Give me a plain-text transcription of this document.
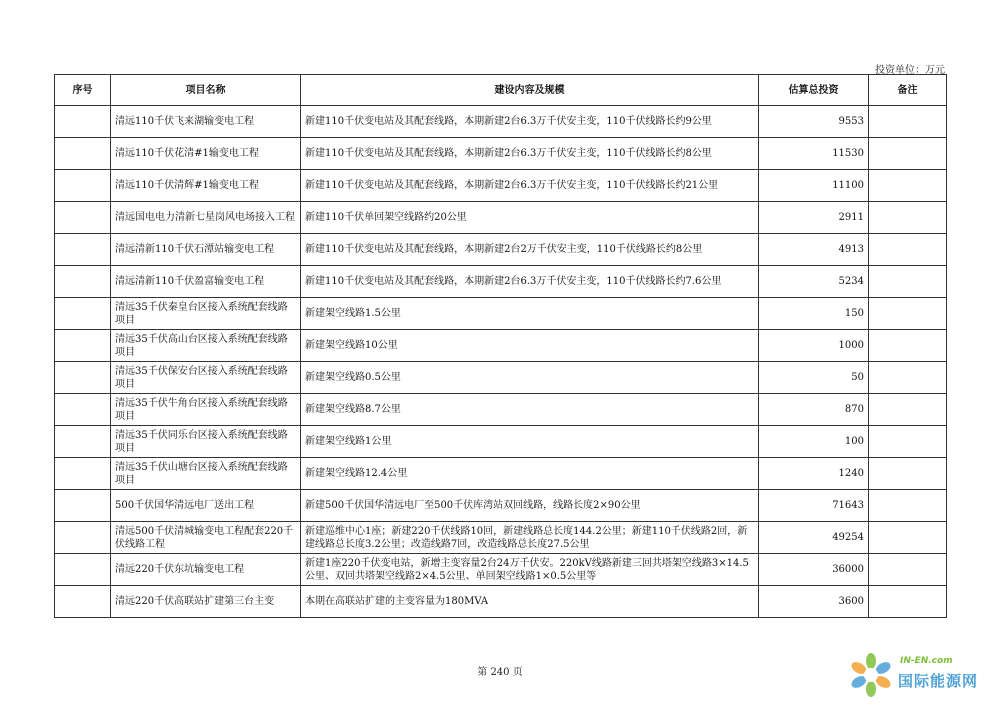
投资单位：万元
序号	项目名称	建设内容及规模	估算总投资	备注
	清远110千伏飞来湖输变电工程	新建110千伏变电站及其配套线路，本期新建2台6.3万千伏安主变，110千伏线路长约9公里	9553	
	清远110千伏花清#1输变电工程	新建110千伏变电站及其配套线路，本期新建2台6.3万千伏安主变，110千伏线路长约8公里	11530	
	清远110千伏清辉#1输变电工程	新建110千伏变电站及其配套线路，本期新建2台6.3万千伏安主变，110千伏线路长约21公里	11100	
	清远国电电力清新七星岗风电场接入工程	新建110千伏单回架空线路约20公里	2911	
	清远清新110千伏石潭站输变电工程	新建110千伏变电站及其配套线路，本期新建2台2万千伏安主变，110千伏线路长约8公里	4913	
	清远清新110千伏盈富输变电工程	新建110千伏变电站及其配套线路，本期新建2台6.3万千伏安主变，110千伏线路长约7.6公里	5234	
	清远35千伏秦皇台区接入系统配套线路项目	新建架空线路1.5公里	150	
	清远35千伏高山台区接入系统配套线路项目	新建架空线路10公里	1000	
	清远35千伏保安台区接入系统配套线路项目	新建架空线路0.5公里	50	
	清远35千伏牛角台区接入系统配套线路项目	新建架空线路8.7公里	870	
	清远35千伏同乐台区接入系统配套线路项目	新建架空线路1公里	100	
	清远35千伏山塘台区接入系统配套线路项目	新建架空线路12.4公里	1240	
	500千伏国华清远电厂送出工程	新建500千伏国华清远电厂至500千伏库湾站双回线路，线路长度2×90公里	71643	
	清远500千伏清城输变电工程配套220千伏线路工程	新建巡维中心1座；新建220千伏线路10回，新建线路总长度144.2公里；新建110千伏线路2回，新建线路总长度3.2公里；改造线路7回，改造线路总长度27.5公里	49254	
	清远220千伏东坑输变电工程	新建1座220千伏变电站，新增主变容量2台24万千伏安。220kV线路新建三回共塔架空线路3×14.5公里、双回共塔架空线路2×4.5公里、单回架空线路1×0.5公里等	36000	
	清远220千伏高联站扩建第三台主变	本期在高联站扩建的主变容量为180MVA	3600	
第 240 页
IN-EN.com
国际能源网
